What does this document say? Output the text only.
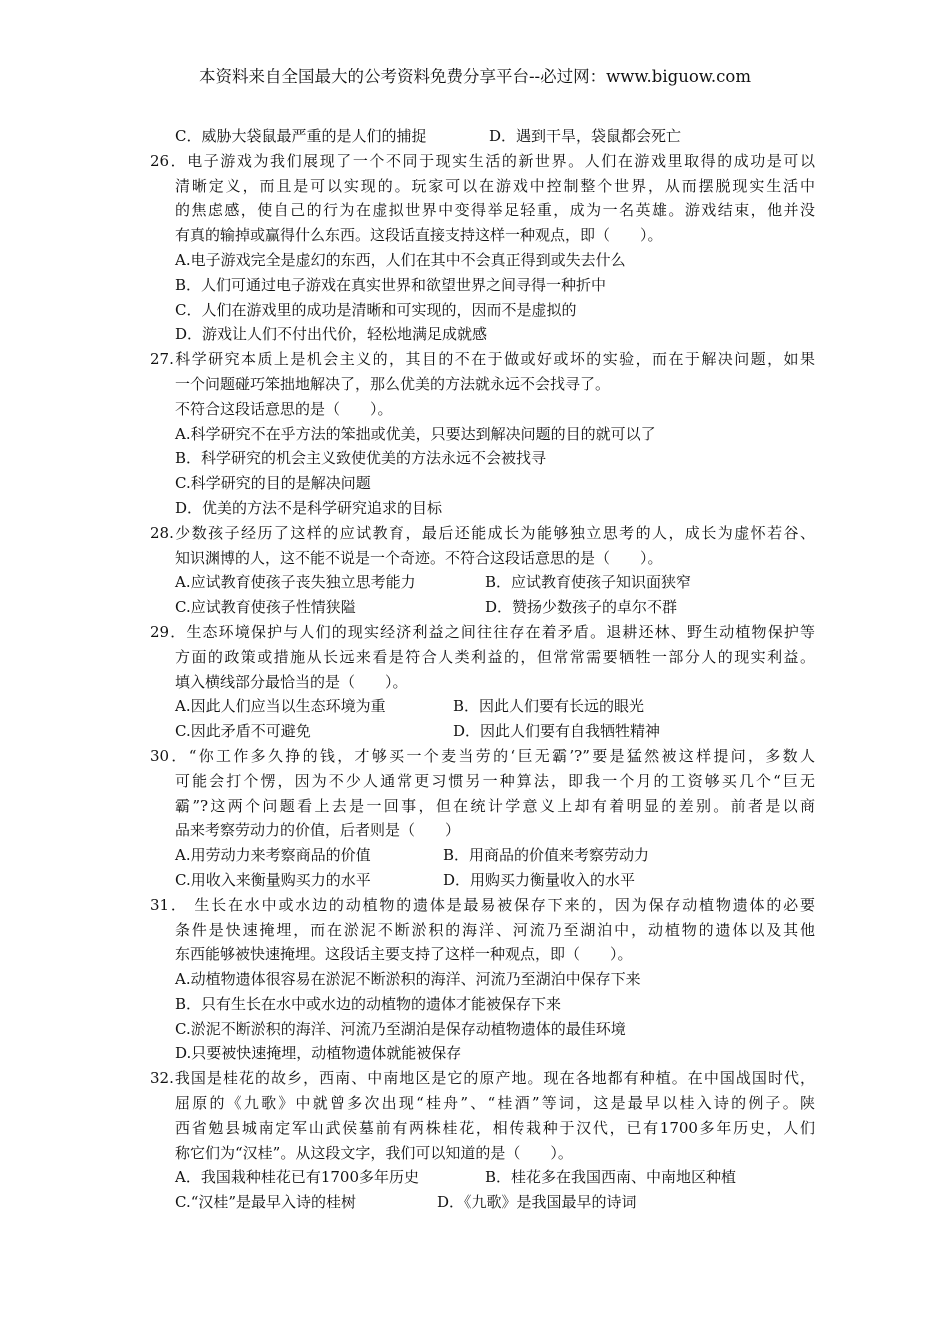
本资料来自全国最大的公考资料免费分享平台--必过网：www.biguow.com
C．威胁大袋鼠最严重的是人们的捕捉	D．遇到干旱，袋鼠都会死亡
26．电子游戏为我们展现了一个不同于现实生活的新世界。人们在游戏里取得的成功是可以
清晰定义，而且是可以实现的。玩家可以在游戏中控制整个世界，从而摆脱现实生活中
的焦虑感，使自己的行为在虚拟世界中变得举足轻重，成为一名英雄。游戏结束，他并没
有真的输掉或赢得什么东西。这段话直接支持这样一种观点，即（　　）。
A.电子游戏完全是虚幻的东西，人们在其中不会真正得到或失去什么
B．人们可通过电子游戏在真实世界和欲望世界之间寻得一种折中
C．人们在游戏里的成功是清晰和可实现的，因而不是虚拟的
D．游戏让人们不付出代价，轻松地满足成就感
27.科学研究本质上是机会主义的，其目的不在于做或好或坏的实验，而在于解决问题，如果
一个问题碰巧笨拙地解决了，那么优美的方法就永远不会找寻了。
不符合这段话意思的是（　　）。
A.科学研究不在乎方法的笨拙或优美，只要达到解决问题的目的就可以了
B．科学研究的机会主义致使优美的方法永远不会被找寻
C.科学研究的目的是解决问题
D．优美的方法不是科学研究追求的目标
28.少数孩子经历了这样的应试教育，最后还能成长为能够独立思考的人，成长为虚怀若谷、
知识渊博的人，这不能不说是一个奇迹。不符合这段话意思的是（　　）。
A.应试教育使孩子丧失独立思考能力	B．应试教育使孩子知识面狭窄
C.应试教育使孩子性情狭隘	D．赞扬少数孩子的卓尔不群
29．生态环境保护与人们的现实经济利益之间往往存在着矛盾。退耕还林、野生动植物保护等
方面的政策或措施从长远来看是符合人类利益的，但常常需要牺牲一部分人的现实利益。
填入横线部分最恰当的是（　　）。
A.因此人们应当以生态环境为重	B．因此人们要有长远的眼光
C.因此矛盾不可避免	D．因此人们要有自我牺牲精神
30．“你工作多久挣的钱，才够买一个麦当劳的‘巨无霸’?”要是猛然被这样提问，多数人
可能会打个愣，因为不少人通常更习惯另一种算法，即我一个月的工资够买几个“巨无
霸”?这两个问题看上去是一回事，但在统计学意义上却有着明显的差别。前者是以商
品来考察劳动力的价值，后者则是（　　）
A.用劳动力来考察商品的价值	B．用商品的价值来考察劳动力
C.用收入来衡量购买力的水平	D．用购买力衡量收入的水平
31． 生长在水中或水边的动植物的遗体是最易被保存下来的，因为保存动植物遗体的必要
条件是快速掩埋，而在淤泥不断淤积的海洋、河流乃至湖泊中，动植物的遗体以及其他
东西能够被快速掩埋。这段话主要支持了这样一种观点，即（　　）。
A.动植物遗体很容易在淤泥不断淤积的海洋、河流乃至湖泊中保存下来
B．只有生长在水中或水边的动植物的遗体才能被保存下来
C.淤泥不断淤积的海洋、河流乃至湖泊是保存动植物遗体的最佳环境
D.只要被快速掩埋，动植物遗体就能被保存
32.我国是桂花的故乡，西南、中南地区是它的原产地。现在各地都有种植。在中国战国时代，
屈原的《九歌》中就曾多次出现“桂舟”、“桂酒”等词，这是最早以桂入诗的例子。陕
西省勉县城南定军山武侯墓前有两株桂花，相传栽种于汉代，已有1700多年历史，人们
称它们为“汉桂”。从这段文字，我们可以知道的是（　　）。
A．我国栽种桂花已有1700多年历史	B．桂花多在我国西南、中南地区种植
C.“汉桂”是最早入诗的桂树	D．《九歌》是我国最早的诗词
